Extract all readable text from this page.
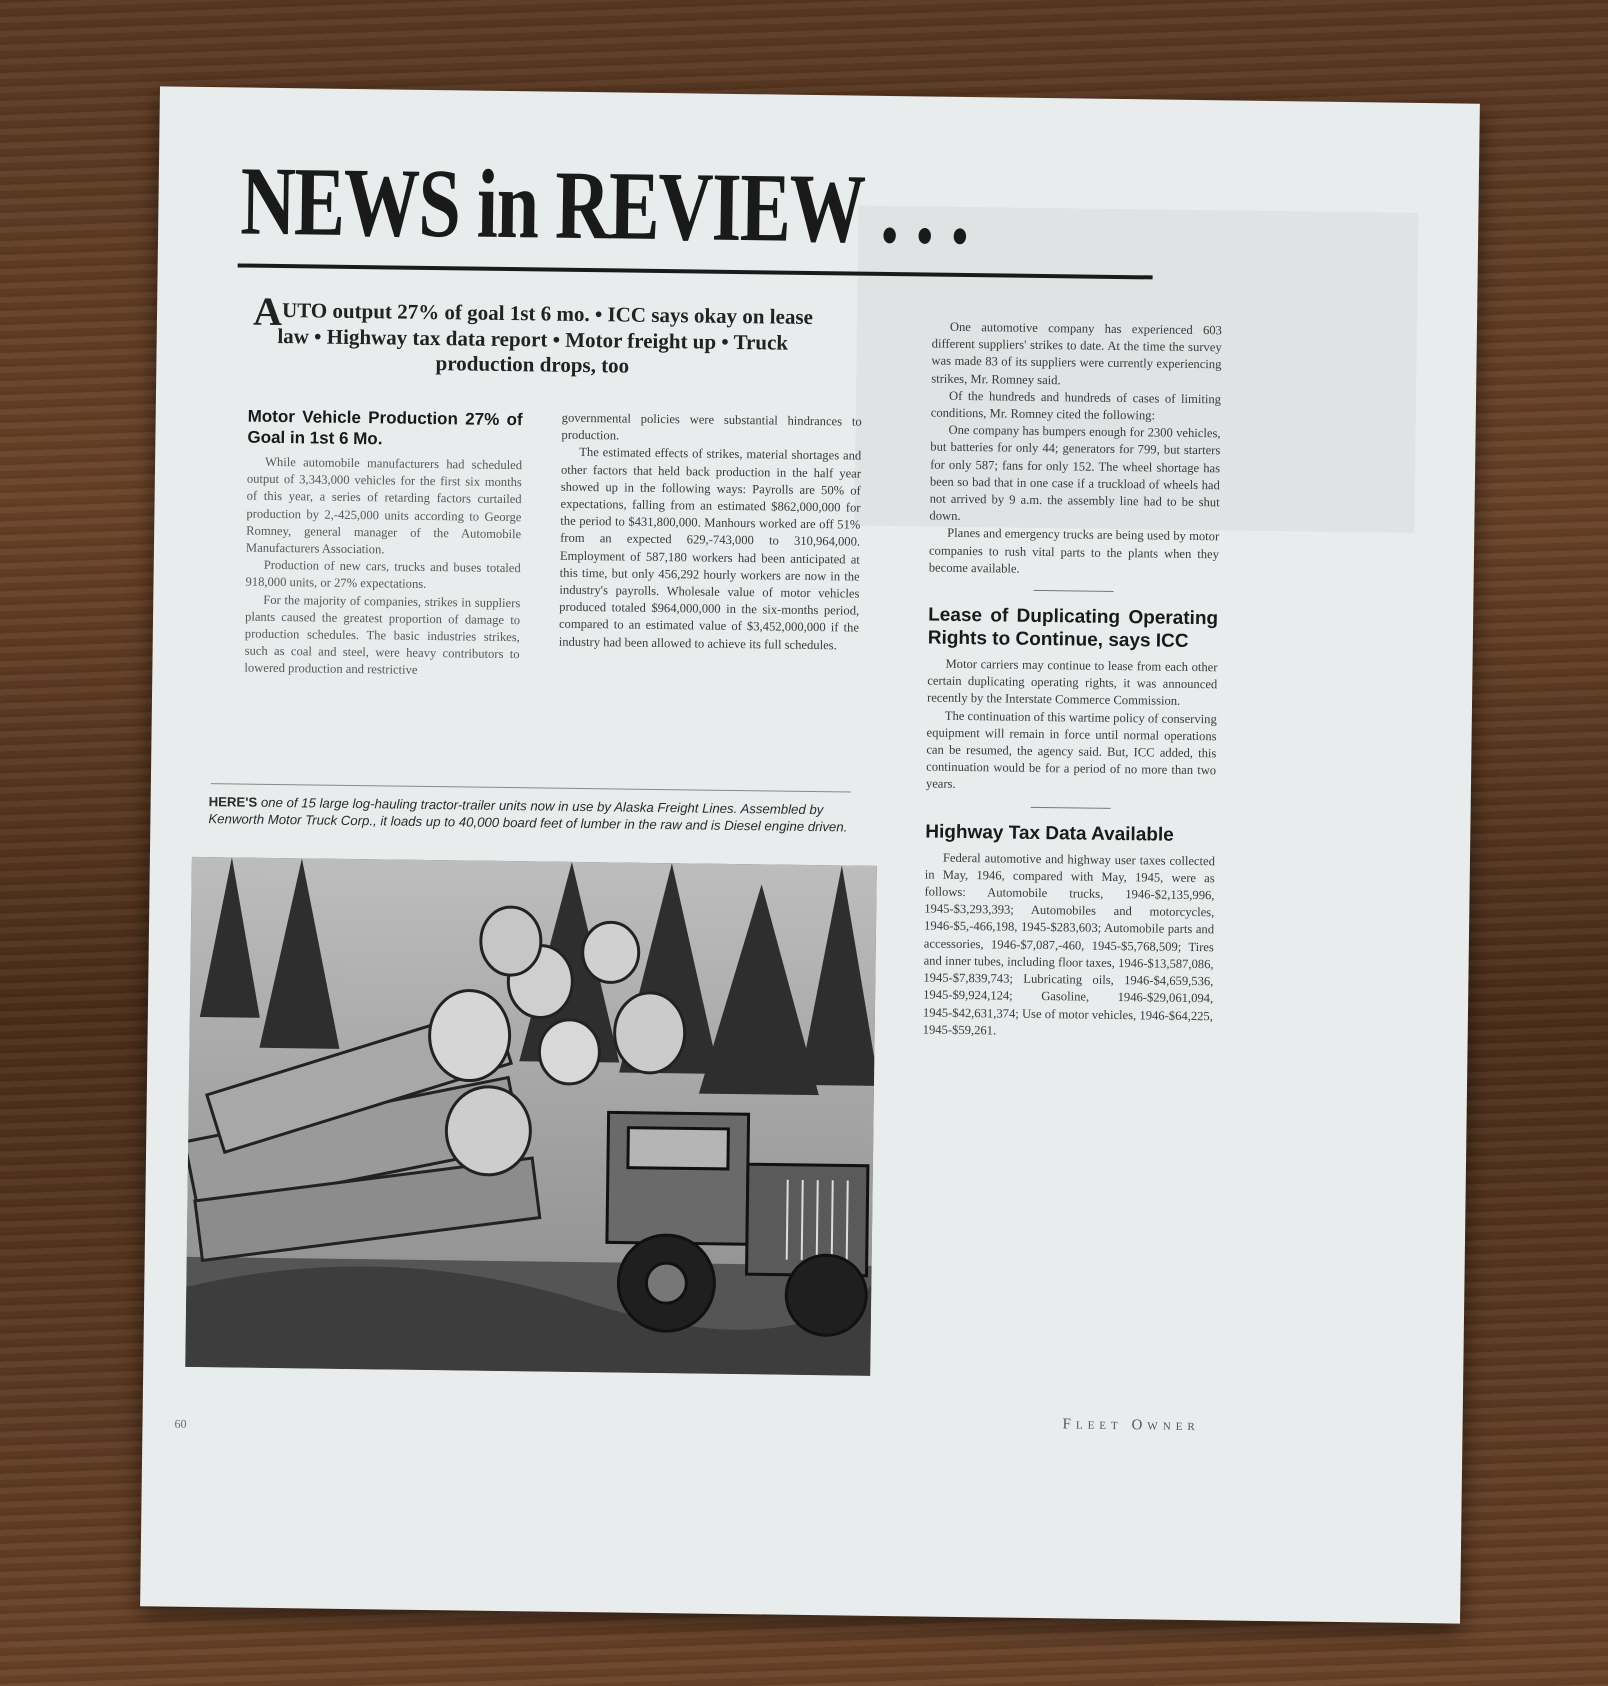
NEWS in REVIEW . . .
AUTO output 27% of goal 1st 6 mo. • ICC says okay on lease law • Highway tax data report • Motor freight up • Truck production drops, too
Motor Vehicle Production 27% of Goal in 1st 6 Mo.

While automobile manufacturers had scheduled output of 3,343,000 vehicles for the first six months of this year, a series of retarding factors curtailed production by 2,-425,000 units according to George Romney, general manager of the Automobile Manufacturers Association.

Production of new cars, trucks and buses totaled 918,000 units, or 27% expectations.

For the majority of companies, strikes in suppliers plants caused the greatest proportion of damage to production schedules. The basic industries strikes, such as coal and steel, were heavy contributors to lowered production and restrictive

governmental policies were substantial hindrances to production.

The estimated effects of strikes, material shortages and other factors that held back production in the half year showed up in the following ways: Payrolls are 50% of expectations, falling from an estimated $862,000,000 for the period to $431,800,000. Manhours worked are off 51% from an expected 629,-743,000 to 310,964,000. Employment of 587,180 workers had been anticipated at this time, but only 456,292 hourly workers are now in the industry's payrolls. Wholesale value of motor vehicles produced totaled $964,000,000 in the six-months period, compared to an estimated value of $3,452,000,000 if the industry had been allowed to achieve its full schedules.

One automotive company has experienced 603 different suppliers' strikes to date. At the time the survey was made 83 of its suppliers were currently experiencing strikes, Mr. Romney said.

Of the hundreds and hundreds of cases of limiting conditions, Mr. Romney cited the following:

One company has bumpers enough for 2300 vehicles, but batteries for only 44; generators for 799, but starters for only 587; fans for only 152. The wheel shortage has been so bad that in one case if a truckload of wheels had not arrived by 9 a.m. the assembly line had to be shut down.

Planes and emergency trucks are being used by motor companies to rush vital parts to the plants when they become available.

Lease of Duplicating Operating Rights to Continue, says ICC

Motor carriers may continue to lease from each other certain duplicating operating rights, it was announced recently by the Interstate Commerce Commission.

The continuation of this wartime policy of conserving equipment will remain in force until normal operations can be resumed, the agency said. But, ICC added, this continuation would be for a period of no more than two years.

Highway Tax Data Available

Federal automotive and highway user taxes collected in May, 1946, compared with May, 1945, were as follows: Automobile trucks, 1946-$2,135,996, 1945-$3,293,393; Automobiles and motorcycles, 1946-$5,-466,198, 1945-$283,603; Automobile parts and accessories, 1946-$7,087,-460, 1945-$5,768,509; Tires and inner tubes, including floor taxes, 1946-$13,587,086, 1945-$7,839,743; Lubricating oils, 1946-$4,659,536, 1945-$9,924,124; Gasoline, 1946-$29,061,094, 1945-$42,631,374; Use of motor vehicles, 1946-$64,225, 1945-$59,261.

HERE'S one of 15 large log-hauling tractor-trailer units now in use by Alaska Freight Lines. Assembled by Kenworth Motor Truck Corp., it loads up to 40,000 board feet of lumber in the raw and is Diesel engine driven.

60	Fleet Owner
